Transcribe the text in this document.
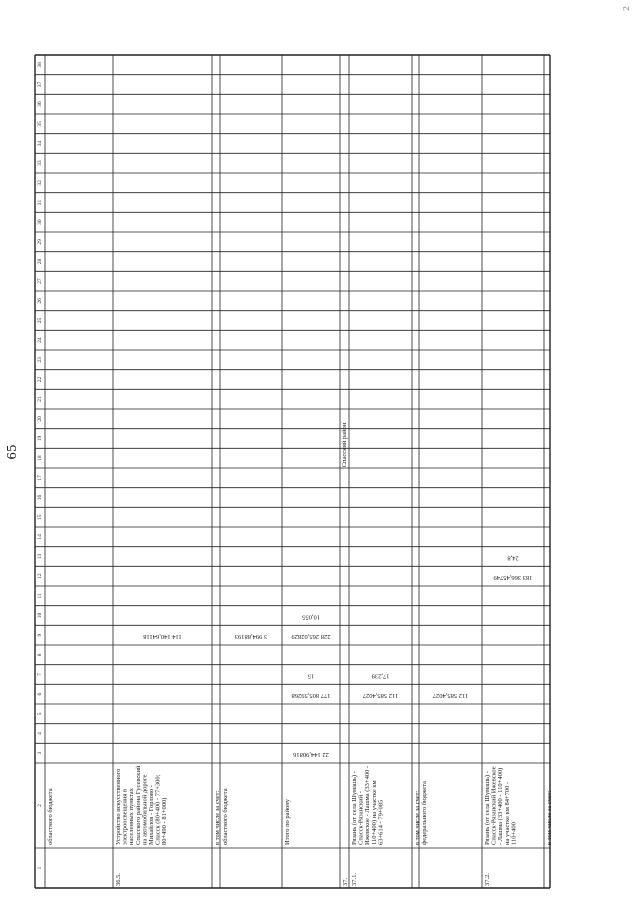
65
2
1
2
3
4
5
6
7
8
9
10
11
12
13
14
15
16
17
18
19
20
21
22
23
24
25
26
27
28
29
30
31
32
33
34
35
36
37
38
областного бюджета
36.5.
Устройство искусственногоэлектроосвещения внаселенных пунктахСпасского района Гусевскийна автомобильной дорогеМихайлов - Горлово -Спасск (80+400 - 77+300;80+490 - 81+000)
114 140,64118
в том числе за счет: областного бюджета
3 994,88193
Итого по району
22 144,90816
177 805,59268
15
228 265,02829
10,055
37. 37.1.
Рязань (от села Шумашь) -Спасск-Рязанский -Ижевское - Лашма (33+400 -110+400) на участке км63+614 - 79+085
112 585,4027
17,239
в том числе за счет: федерального бюджета
112 585,4027
37.2.
Рязань (от села Шумашь) -Спасск-Рязанский Ижевское- Лашма (33+400 - 110+400)на участке км 84+700 -110+400
183 366,45749
24,8
в том числе за счет:
Спасский район
